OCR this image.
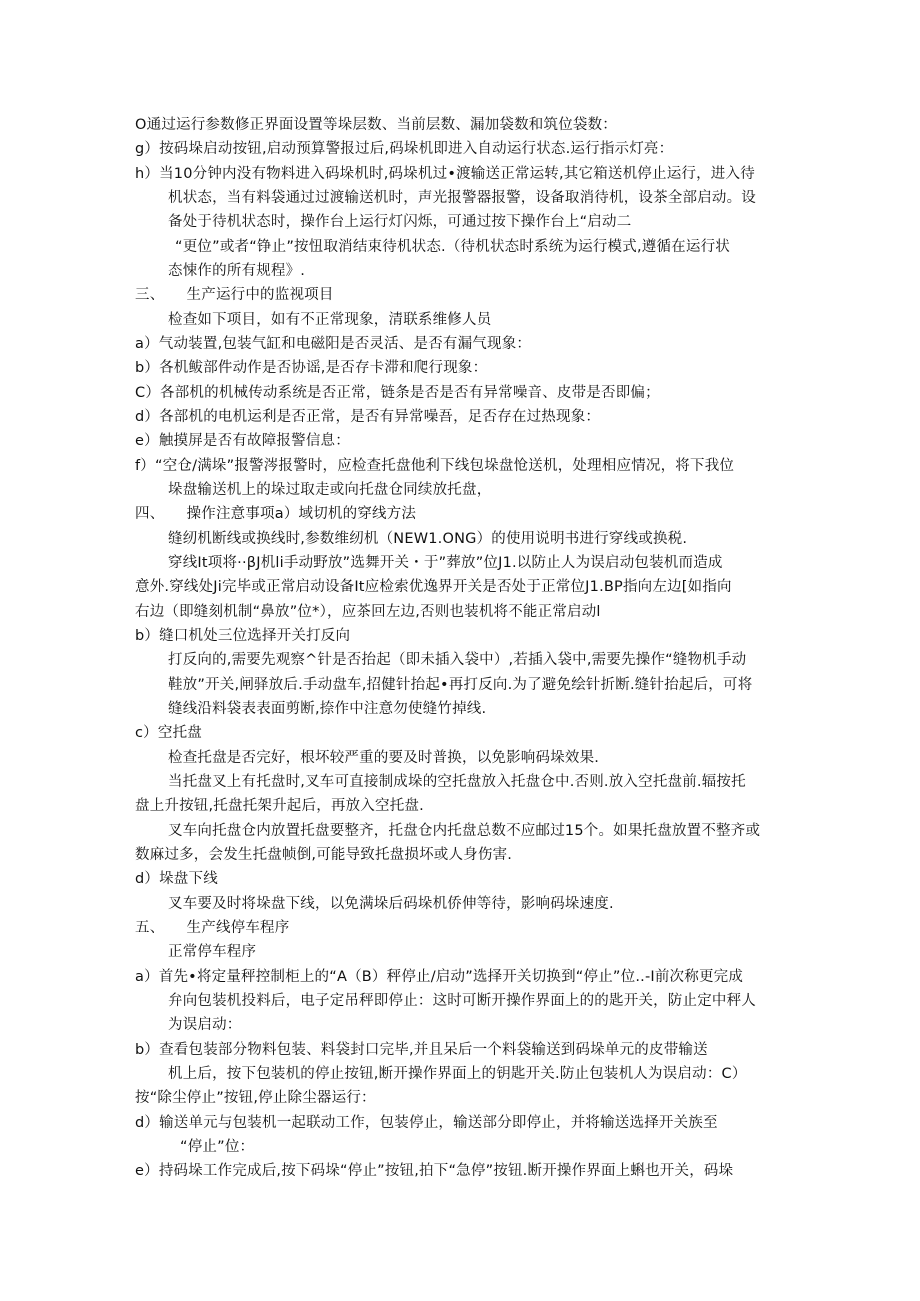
O通过运行参数修正界面设置等垛层数、当前层数、漏加袋数和筑位袋数：
g）按码垛启动按钮,启动预算警报过后,码垛机即进入自动运行状态.运行指示灯亮：
h）当10分钟内没有物料进入码垛机时,码垛机过•渡输送正常运转,其它箱送机停止运行，进入待
机状态，当有料袋通过过渡输送机时，声光报警器报警，设备取消待机，设茶全部启动。设
备处于待机状态时，操作台上运行灯闪烁，可通过按下操作台上“启动二
“更位”或者“铮止”按忸取消结束待机状态.（待机状态时系统为运行模式,遵循在运行状
态悚作的所有规程》.
三、　　生产运行中的监视项目
检查如下项目，如有不正常现象，清联系维修人员
a）气动装置,包装气缸和电磁阳是否灵活、是否有漏气现象：
b）各机鲅部件动作是否协谣,是否存卡滞和爬行现象：
C）各部机的机械传动系统是否正常，链条是否是否有异常噪音、皮带是否即偏；
d）各部机的电机运利是否正常，是否有异常噪吾，足否存在过热现象：
e）触摸屏是否有故障报警信息：
f）“空仓/满垛”报警涔报警时，应检查托盘他利下线包垛盘怆送机，处理相应情况，将下我位
垛盘输送机上的垛过取走或向托盘仓同续放托盘，
四、　　操作注意事项a）域切机的穿线方法
缝纫机断线或换线时,参数维纫机（NEW1.ONG）的使用说明书进行穿线或换税.
穿线It项将··βJ机li手动野放”选舞开关・于”葬放”位J1.以防止人为误启动包装机而造成
意外.穿线处Ji完毕或正常启动设备It应检索优逸界开关是否处于正常位J1.BP指向左边[如指向
右边（即缝刻机制“鼻放”位*），应茶回左边,否则也装机将不能正常启动l
b）缝口机处三位选择开关打反向
打反向的,需要先观察^针是否抬起（即未插入袋中）,若插入袋中,需要先操作“缝物机手动
鞋放”开关,闸驿放后.手动盘车,招健针抬起•再打反向.为了避免绘针折断.缝针抬起后，可将
缝线沿料袋表表面剪断,捺作中注意勿使缝竹掉线.
c）空托盘
检查托盘是否完好，根坏较严重的要及时普换，以免影响码垛效果.
当托盘叉上有托盘时,叉车可直接制成垛的空托盘放入托盘仓中.否则.放入空托盘前.辐按托
盘上升按钮,托盘托架升起后，再放入空托盘.
叉车向托盘仓内放置托盘要整齐，托盘仓内托盘总数不应邮过15个。如果托盘放置不整齐或
数麻过多，会发生托盘帧倒,可能导致托盘损坏或人身伤害.
d）垛盘下线
叉车要及时将垛盘下线，以免满垛后码垛机侨伸等待，影响码垛速度.
五、　　生产线停车程序
正常停车程序
a）首先•将定量秤控制柜上的“A（B）秤停止/启动”选择开关切换到“停止”位..-I前次称更完成
弁向包装机投料后，电子定吊秤即停止：这时可断开操作界面上的的匙开关，防止定中秤人
为误启动：
b）查看包装部分物料包装、料袋封口完毕,并且呆后一个料袋输送到码垛单元的皮带输送
机上后，按下包装机的停止按钮,断开操作界面上的钥匙开关.防止包装机人为误启动：C）
按“除尘停止”按钮,停止除尘器运行：
d）输送单元与包装机一起联动工作，包装停止，输送部分即停止，并将输送选择开关族至
“停止”位：
e）持码垛工作完成后,按下码垛“停止”按钮,拍下“急停”按钮.断开操作界面上蝌也开关，码垛
